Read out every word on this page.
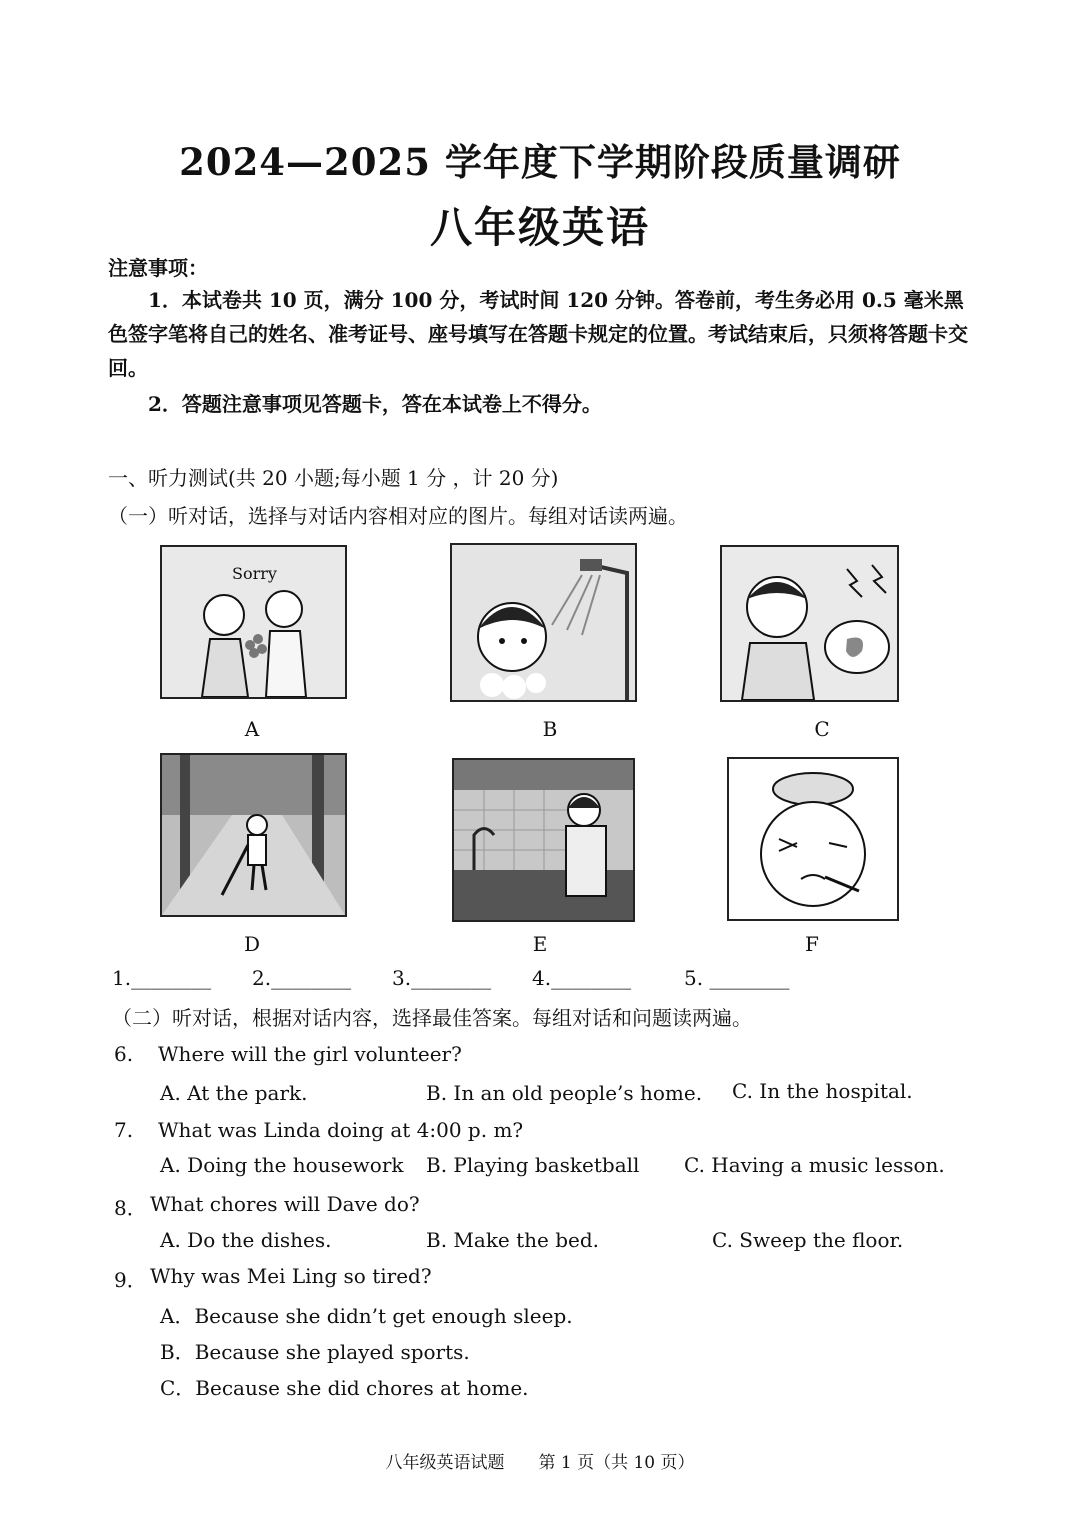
2024—2025 学年度下学期阶段质量调研
八年级英语
注意事项：
1．本试卷共 10 页，满分 100 分，考试时间 120 分钟。答卷前，考生务必用 0.5 毫米黑色签字笔将自己的姓名、准考证号、座号填写在答题卡规定的位置。考试结束后，只须将答题卡交回。
2．答题注意事项见答题卡，答在本试卷上不得分。
一、听力测试(共 20 小题;每小题 1 分 ，计 20 分)
（一）听对话，选择与对话内容相对应的图片。每组对话读两遍。
Sorry
A	B	C
D	E	F
1.________ 2.________ 3.________ 4.________	5. ________
（二）听对话，根据对话内容，选择最佳答案。每组对话和问题读两遍。
6. Where will the girl volunteer?
A. At the park.	B. In an old people’s home. C. In the hospital.
7. What was Linda doing at 4:00 p. m?
A. Doing the housework B. Playing basketball C. Having a music lesson.
8． What chores will Dave do?
A. Do the dishes.	B. Make the bed.	C. Sweep the floor.
9． Why was Mei Ling so tired?
A．Because she didn’t get enough sleep.
B．Because she played sports.
C．Because she did chores at home.
八年级英语试题　　第 1 页（共 10 页）
